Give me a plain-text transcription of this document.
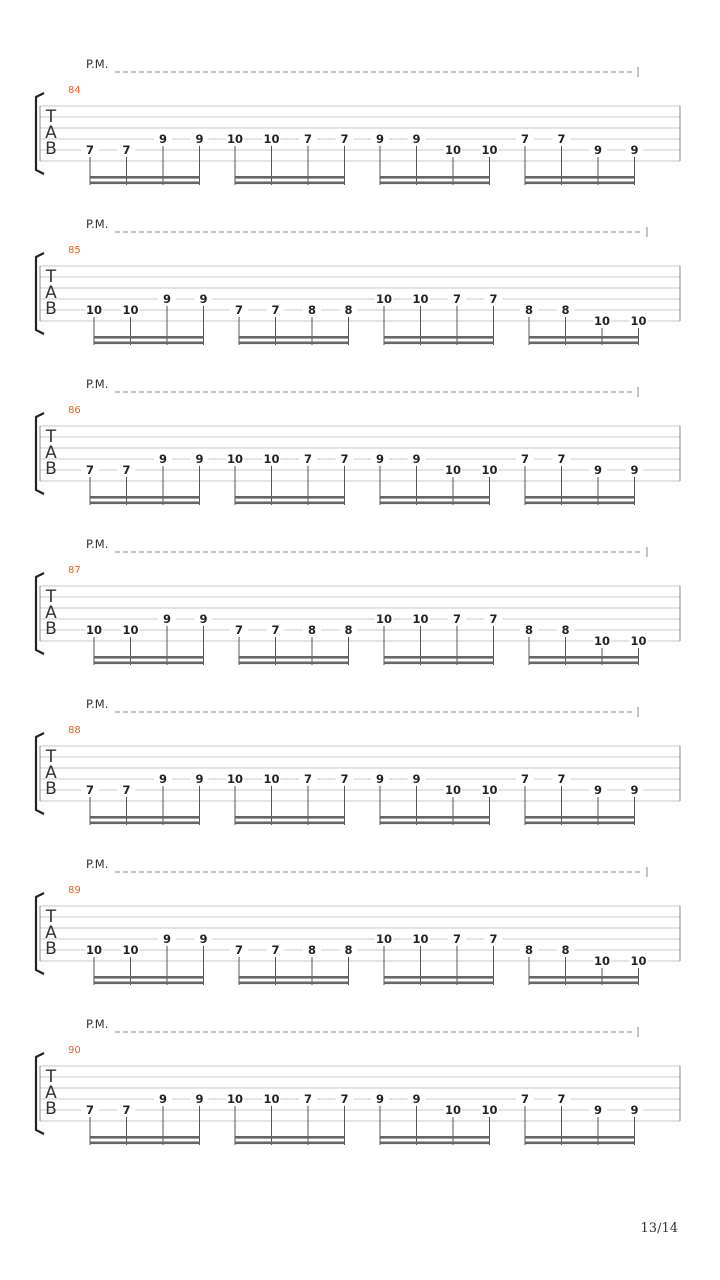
P.M.
84
T
A
B	7 7
9 9 10 10 7 7 9 9
10 10
7 7
9 9
P.M.
85
T
A
B	10 10
9 9
7 7 8 8
10 10 7 7
8 8
10 10
P.M.
86
T
A
B	7 7
9 9 10 10 7 7 9 9
10 10
7 7
9 9
P.M.
87
T
A
B	10 10
9 9
7 7 8 8
10 10 7 7
8 8
10 10
P.M.
88
T
A
B	7 7
9 9 10 10 7 7 9 9
10 10
7 7
9 9
P.M.
89
T
A
B	10 10
9 9
7 7 8 8
10 10 7 7
8 8
10 10
P.M.
90
T
A
B	7 7
9 9 10 10 7 7 9 9
10 10
7 7
9 9
13/14
